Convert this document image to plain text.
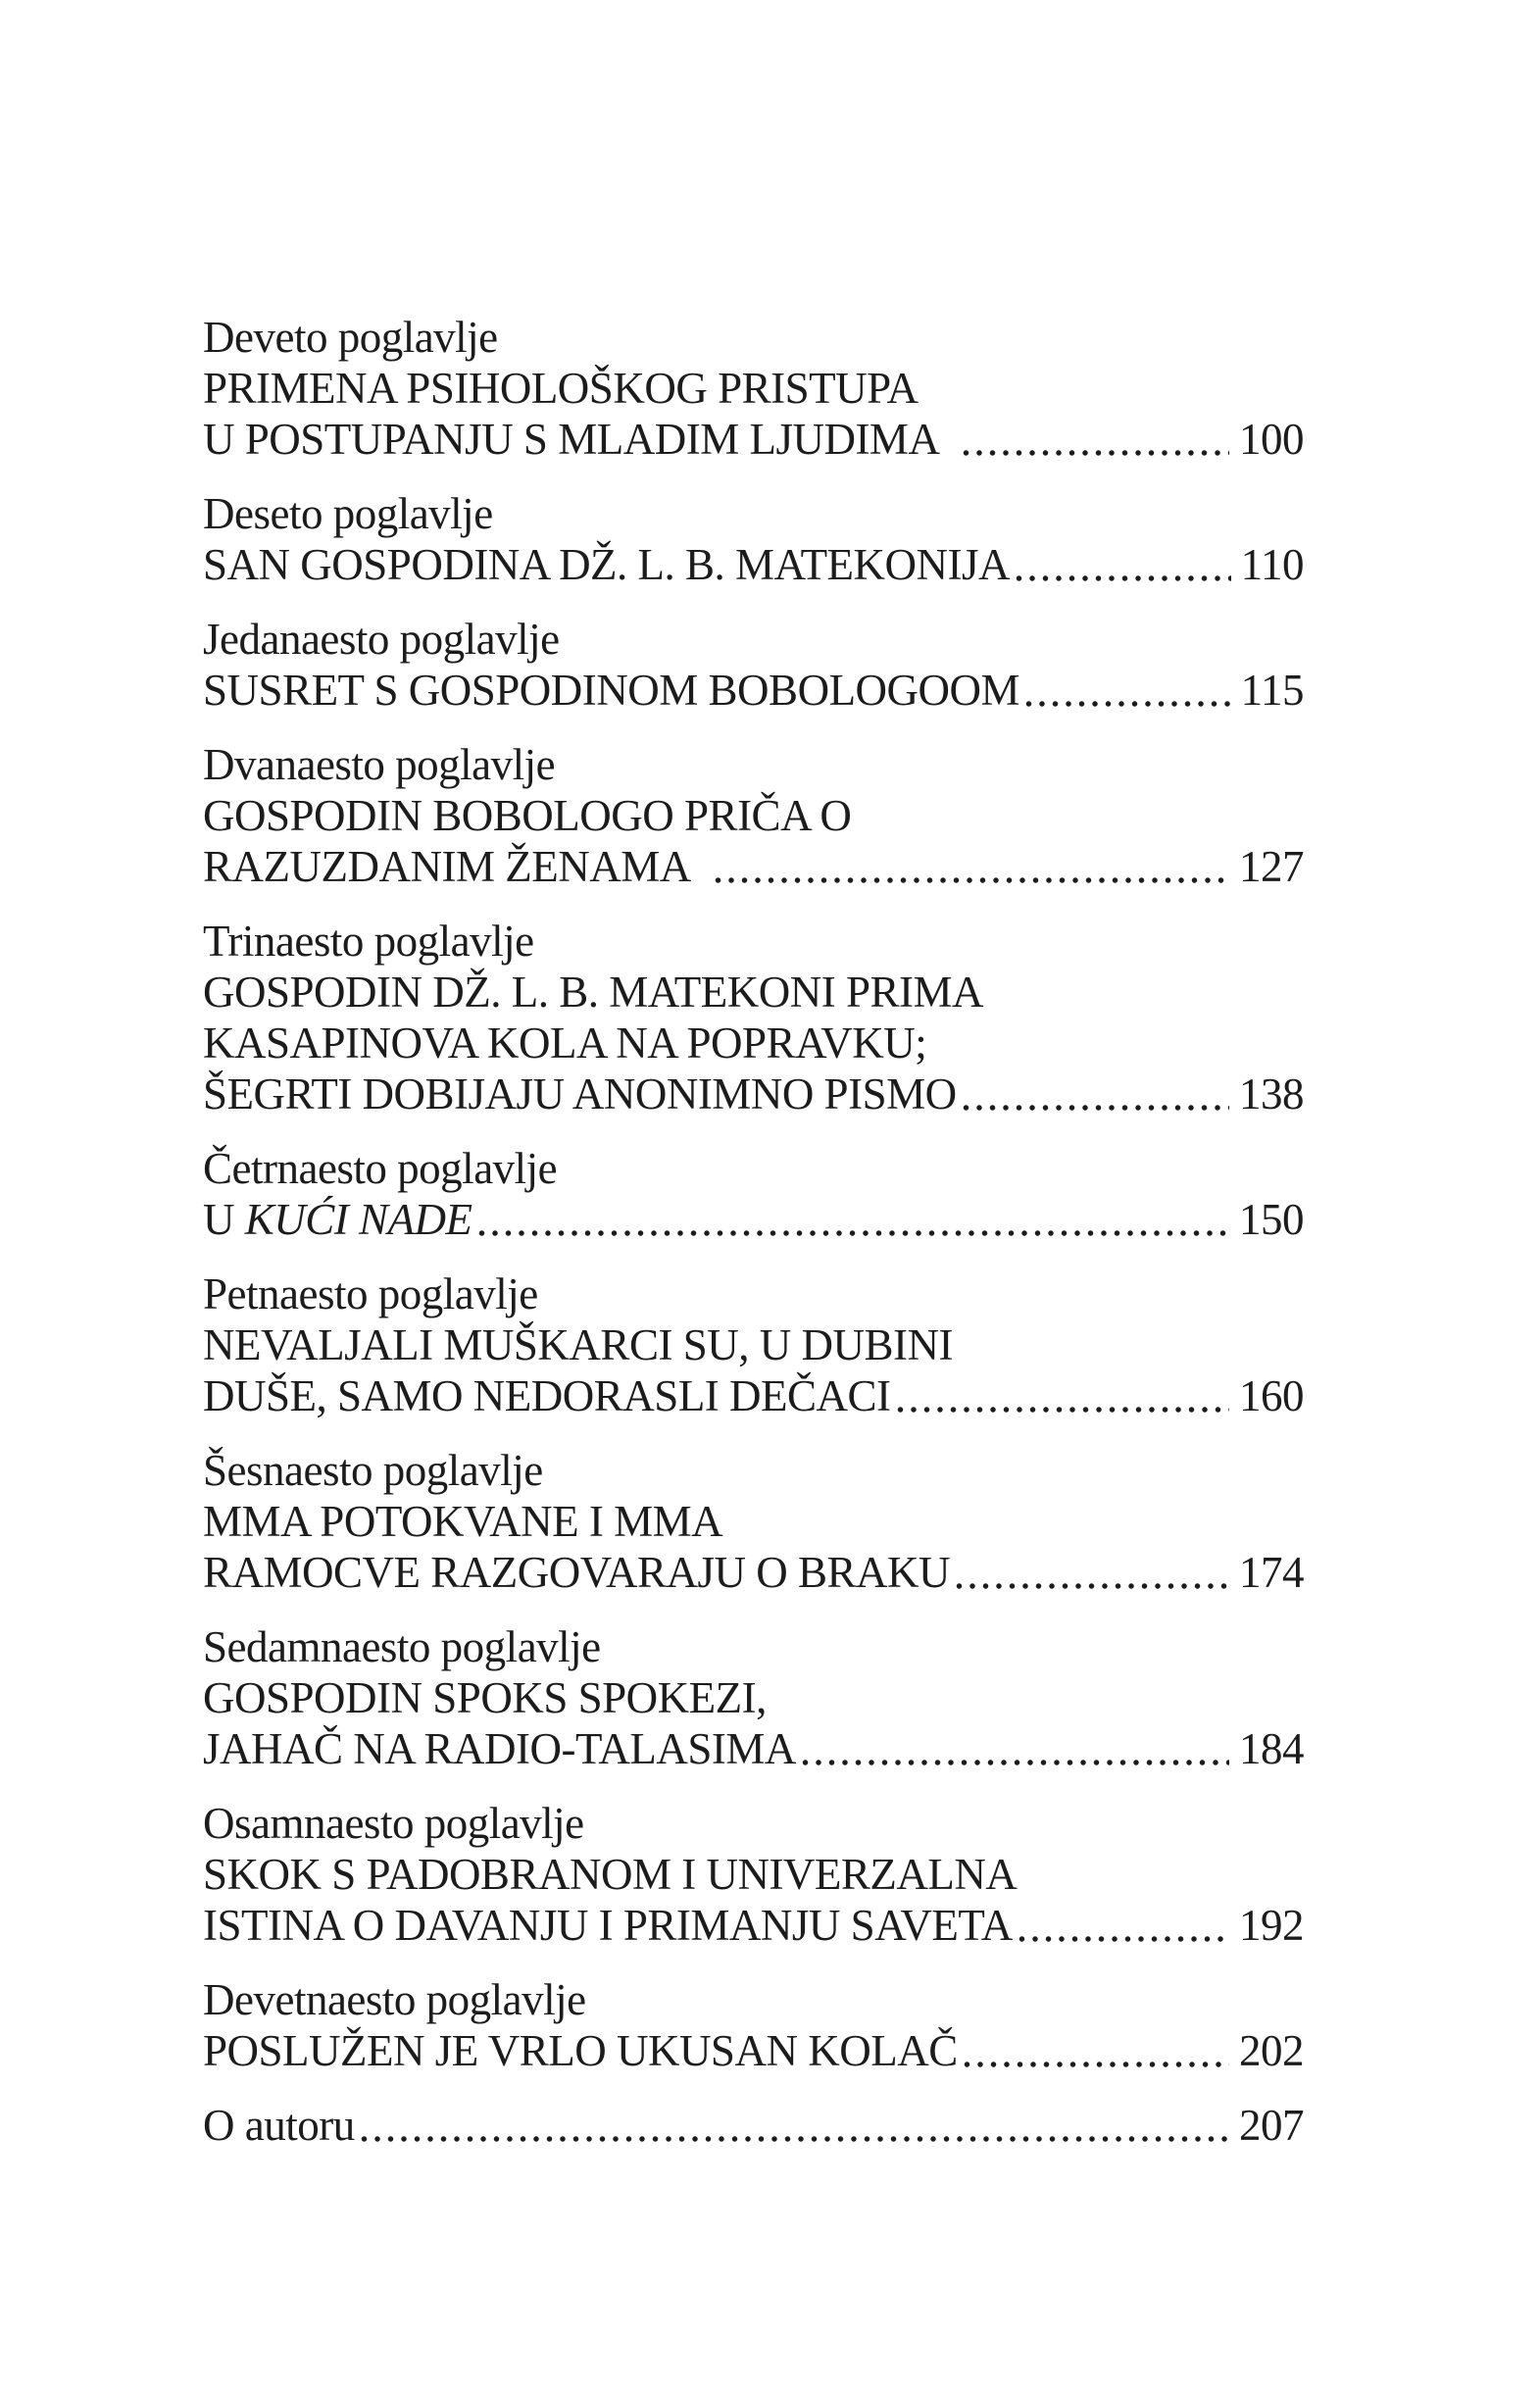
Deveto poglavlje
PRIMENA PSIHOLOŠKOG PRISTUPA
U POSTUPANJU S MLADIM LJUDIMA	100
Deseto poglavlje
SAN GOSPODINA DŽ. L. B. MATEKONIJA	110
Jedanaesto poglavlje
SUSRET S GOSPODINOM BOBOLOGOOM	115
Dvanaesto poglavlje
GOSPODIN BOBOLOGO PRIČA O
RAZUZDANIM ŽENAMA	127
Trinaesto poglavlje
GOSPODIN DŽ. L. B. MATEKONI PRIMA
KASAPINOVA KOLA NA POPRAVKU;
ŠEGRTI DOBIJAJU ANONIMNO PISMO	138
Četrnaesto poglavlje
U KUĆI NADE	150
Petnaesto poglavlje
NEVALJALI MUŠKARCI SU, U DUBINI
DUŠE, SAMO NEDORASLI DEČACI	160
Šesnaesto poglavlje
MMA POTOKVANE I MMA
RAMOCVE RAZGOVARAJU O BRAKU	174
Sedamnaesto poglavlje
GOSPODIN SPOKS SPOKEZI,
JAHAČ NA RADIO-TALASIMA	184
Osamnaesto poglavlje
SKOK S PADOBRANOM I UNIVERZALNA
ISTINA O DAVANJU I PRIMANJU SAVETA	192
Devetnaesto poglavlje
POSLUŽEN JE VRLO UKUSAN KOLAČ	202
O autoru	207
